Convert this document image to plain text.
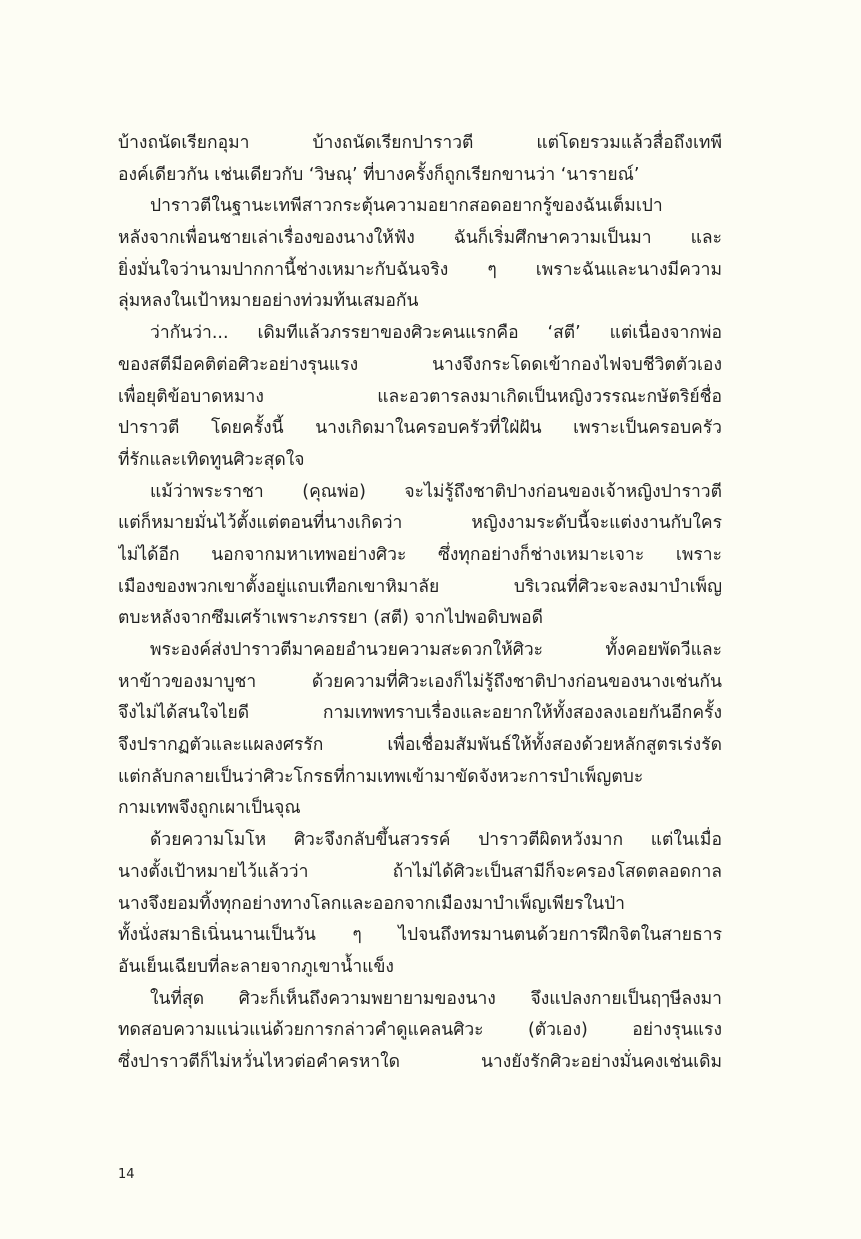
บ้างถนัดเรียกอุมา	บ้างถนัดเรียกปาราวตี	แต่โดยรวมแล้วสื่อถึงเทพี
องค์เดียวกัน เช่นเดียวกับ ‘วิษณุ’ ที่บางครั้งก็ถูกเรียกขานว่า ‘นารายณ์’
ปาราวตีในฐานะเทพีสาวกระตุ้นความอยากสอดอยากรู้ของฉันเต็มเปา
หลังจากเพื่อนชายเล่าเรื่องของนางให้ฟัง ฉันก็เริ่มศึกษาความเป็นมา และ
ยิ่งมั่นใจว่านามปากกานี้ช่างเหมาะกับฉันจริง ๆ เพราะฉันและนางมีความ
ลุ่มหลงในเป้าหมายอย่างท่วมท้นเสมอกัน
ว่ากันว่า... เดิมทีแล้วภรรยาของศิวะคนแรกคือ ‘สตี’ แต่เนื่องจากพ่อ
ของสตีมีอคติต่อศิวะอย่างรุนแรง	นางจึงกระโดดเข้ากองไฟจบชีวิตตัวเอง
เพื่อยุติข้อบาดหมาง	และอวตารลงมาเกิดเป็นหญิงวรรณะกษัตริย์ชื่อ
ปาราวตี โดยครั้งนี้ นางเกิดมาในครอบครัวที่ใฝ่ฝัน เพราะเป็นครอบครัว
ที่รักและเทิดทูนศิวะสุดใจ
แม้ว่าพระราชา (คุณพ่อ) จะไม่รู้ถึงชาติปางก่อนของเจ้าหญิงปาราวตี
แต่ก็หมายมั่นไว้ตั้งแต่ตอนที่นางเกิดว่า	หญิงงามระดับนี้จะแต่งงานกับใคร
ไม่ได้อีก นอกจากมหาเทพอย่างศิวะ ซึ่งทุกอย่างก็ช่างเหมาะเจาะ เพราะ
เมืองของพวกเขาตั้งอยู่แถบเทือกเขาหิมาลัย	บริเวณที่ศิวะจะลงมาบำเพ็ญ
ตบะหลังจากซึมเศร้าเพราะภรรยา (สตี) จากไปพอดิบพอดี
พระองค์ส่งปาราวตีมาคอยอำนวยความสะดวกให้ศิวะ	ทั้งคอยพัดวีและ
หาข้าวของมาบูชา	ด้วยความที่ศิวะเองก็ไม่รู้ถึงชาติปางก่อนของนางเช่นกัน
จึงไม่ได้สนใจไยดี	กามเทพทราบเรื่องและอยากให้ทั้งสองลงเอยกันอีกครั้ง
จึงปรากฏตัวและแผลงศรรัก	เพื่อเชื่อมสัมพันธ์ให้ทั้งสองด้วยหลักสูตรเร่งรัด
แต่กลับกลายเป็นว่าศิวะโกรธที่กามเทพเข้ามาขัดจังหวะการบำเพ็ญตบะ
กามเทพจึงถูกเผาเป็นจุณ
ด้วยความโมโห ศิวะจึงกลับขึ้นสวรรค์ ปาราวตีผิดหวังมาก แต่ในเมื่อ
นางตั้งเป้าหมายไว้แล้วว่า	ถ้าไม่ได้ศิวะเป็นสามีก็จะครองโสดตลอดกาล
นางจึงยอมทิ้งทุกอย่างทางโลกและออกจากเมืองมาบำเพ็ญเพียรในป่า
ทั้งนั่งสมาธิเนิ่นนานเป็นวัน ๆ ไปจนถึงทรมานตนด้วยการฝึกจิตในสายธาร
อันเย็นเฉียบที่ละลายจากภูเขาน้ำแข็ง
ในที่สุด ศิวะก็เห็นถึงความพยายามของนาง จึงแปลงกายเป็นฤๅษีลงมา
ทดสอบความแน่วแน่ด้วยการกล่าวคำดูแคลนศิวะ	(ตัวเอง)	อย่างรุนแรง
ซึ่งปาราวตีก็ไม่หวั่นไหวต่อคำครหาใด	นางยังรักศิวะอย่างมั่นคงเช่นเดิม
14
